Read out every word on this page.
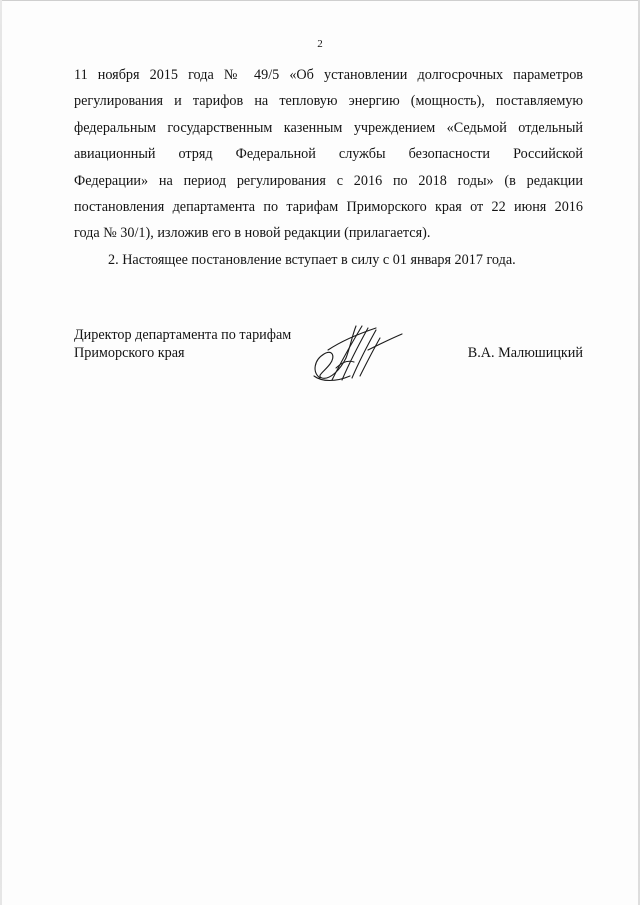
2
11 ноября 2015 года № 49/5 «Об установлении долгосрочных параметров
регулирования и тарифов на тепловую энергию (мощность), поставляемую
федеральным государственным казенным учреждением «Седьмой отдельный
авиационный отряд Федеральной службы безопасности Российской
Федерации» на период регулирования с 2016 по 2018 годы» (в редакции
постановления департамента по тарифам Приморского края от 22 июня 2016
года № 30/1), изложив его в новой редакции (прилагается).
2. Настоящее постановление вступает в силу с 01 января 2017 года.
Директор департамента по тарифам
Приморского края	В.А. Малюшицкий
